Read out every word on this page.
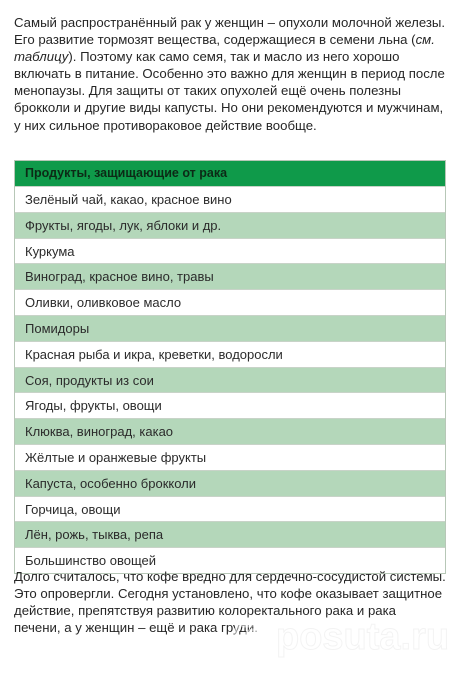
Самый распространённый рак у женщин – опухоли молочной железы. Его развитие тормозят вещества, содержащиеся в семени льна (см. таблицу). Поэтому как само семя, так и масло из него хорошо включать в питание. Особенно это важно для женщин в период после менопаузы. Для защиты от таких опухолей ещё очень полезны брокколи и другие виды капусты. Но они рекомендуются и мужчинам, у них сильное противораковое действие вообще.

Продукты, защищающие от рака
Зелёный чай, какао, красное вино
Фрукты, ягоды, лук, яблоки и др.
Куркума
Виноград, красное вино, травы
Оливки, оливковое масло
Помидоры
Красная рыба и икра, креветки, водоросли
Соя, продукты из сои
Ягоды, фрукты, овощи
Клюква, виноград, какао
Жёлтые и оранжевые фрукты
Капуста, особенно брокколи
Горчица, овощи
Лён, рожь, тыква, репа
Большинство овощей

Долго считалось, что кофе вредно для сердечно-сосудистой системы. Это опровергли. Сегодня установлено, что кофе оказывает защитное действие, препятствуя развитию колоректального рака и рака печени, а у женщин – ещё и рака груди. posuta.ru
